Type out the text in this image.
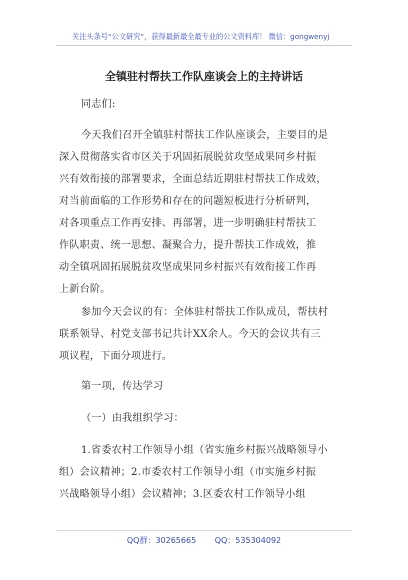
关注头条号“公文研究”，获得最新最全最专业的公文资料库！ 微信：gongwenyj
全镇驻村帮扶工作队座谈会上的主持讲话
同志们:
今天我们召开全镇驻村帮扶工作队座谈会，主要目的是
深入贯彻落实省市区关于巩固拓展脱贫攻坚成果同乡村振
兴有效衔接的部署要求，全面总结近期驻村帮扶工作成效，
对当前面临的工作形势和存在的问题短板进行分析研判，
对各项重点工作再安排、再部署，进一步明确驻村帮扶工
作队职责、统一思想、凝聚合力，提升帮扶工作成效，推
动全镇巩固拓展脱贫攻坚成果同乡村振兴有效衔接工作再
上新台阶。
参加今天会议的有：全体驻村帮扶工作队成员，帮扶村
联系领导、村党支部书记共计XX余人。今天的会议共有三
项议程，下面分项进行。
第一项，传达学习
（一）由我组织学习：
1.省委农村工作领导小组（省实施乡村振兴战略领导小
组）会议精神；2.市委农村工作领导小组（市实施乡村振
兴战略领导小组）会议精神；3.区委农村工作领导小组
QQ群：30265665 QQ：535304092
